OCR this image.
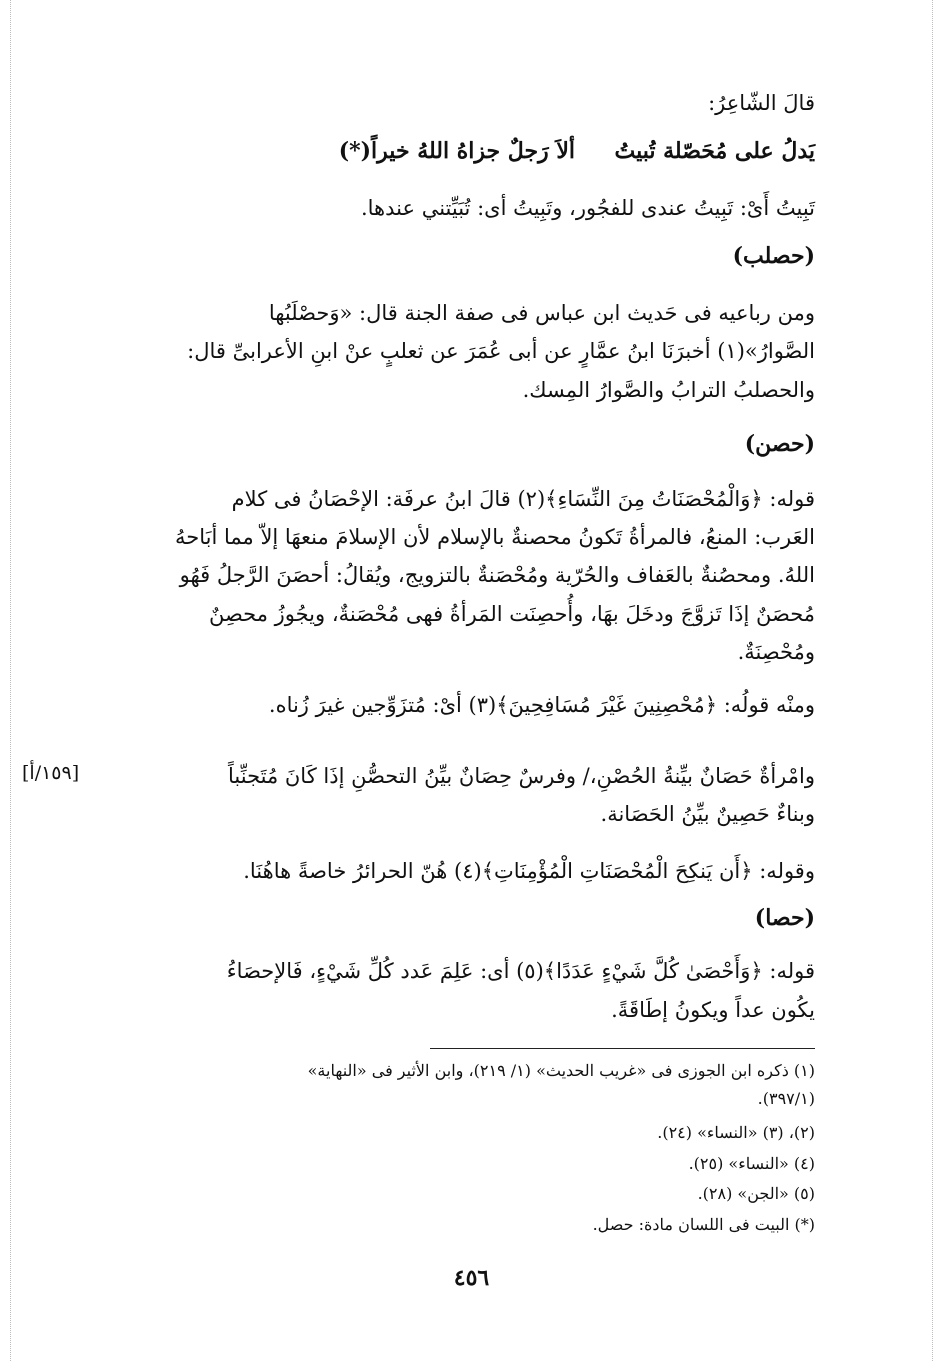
قالَ الشّاعِرُ:
ألاَ رَجلٌ جزاهُ اللهُ خيراً(*) يَدلُ على مُحَصّلة تُبيتُ
تَبِيتُ أَىْ: تَبِيتُ عندى للفجُور، وتَبِيتُ أى: تُبَيِّتني عندها.
(حصلب)
ومن رباعيه فى حَديث ابن عباس فى صفة الجنة قال: «وَحصْلَبُها
الصَّوارُ»(١) أخبرَنَا ابنُ عمَّارٍ عن أبى عُمَرَ عن ثعلبٍ عنْ ابنِ الأعرابىِّ قال:
والحصلبُ الترابُ والصَّوارُ المِسك.
(حصن)
قوله: ﴿وَالْمُحْصَنَاتُ مِنَ النِّسَاءِ﴾(٢) قالَ ابنُ عرفَة: الإحْصَانُ فى كلام
العَرب: المنعُ، فالمرأةُ تَكونُ محصنةٌ بالإسلام لأن الإسلامَ منعهَا إلاّ مما أبَاحهُ
اللهُ. ومحصُنةٌ بالعَفاف والحُرّية ومُحْصَنةٌ بالتزويج، ويُقالُ: أحصَنَ الرَّجلُ فَهُو
مُحصَنٌ إذَا تَزوَّجَ ودخَلَ بهَا، وأُحصِنَت المَرأةُ فهى مُحْصَنةٌ، ويجُوزُ محصِنٌ
ومُحْصِنَةٌ.
ومنْه قولُه: ﴿مُحْصِنِينَ غَيْرَ مُسَافِحِينَ﴾(٣) أىْ: مُتزَوِّجين غيرَ زُناه.
[١٥٩/أ]	وامْرأةٌ حَصَانٌ بيِّنةُ الحُصْنِ،/ وفرسٌ حِصَانٌ بيِّنُ التحصُّنِ إذَا كَانَ مُتَجنِّباً
وبناءٌ حَصِينٌ بيِّنُ الحَصَانة.
وقوله: ﴿أَن يَنكِحَ الْمُحْصَنَاتِ الْمُؤْمِنَاتِ﴾(٤) هُنّ الحرائرُ خاصةً هاهُنَا.
(حصا)
قوله: ﴿وَأَحْصَىٰ كُلَّ شَيْءٍ عَدَدًا﴾(٥) أى: عَلِمَ عَدد كُلِّ شَيْءٍ، فَالإحصَاءُ
يكُون عداً ويكونُ إطَاقَةً.
(١) ذكره ابن الجوزى فى «غريب الحديث» (١/ ٢١٩)، وابن الأثير فى «النهاية»
(٣٩٧/١).
(٢)، (٣) «النساء» (٢٤).
(٤) «النساء» (٢٥).
(٥) «الجن» (٢٨).
(*) البيت فى اللسان مادة: حصل.
٤٥٦
